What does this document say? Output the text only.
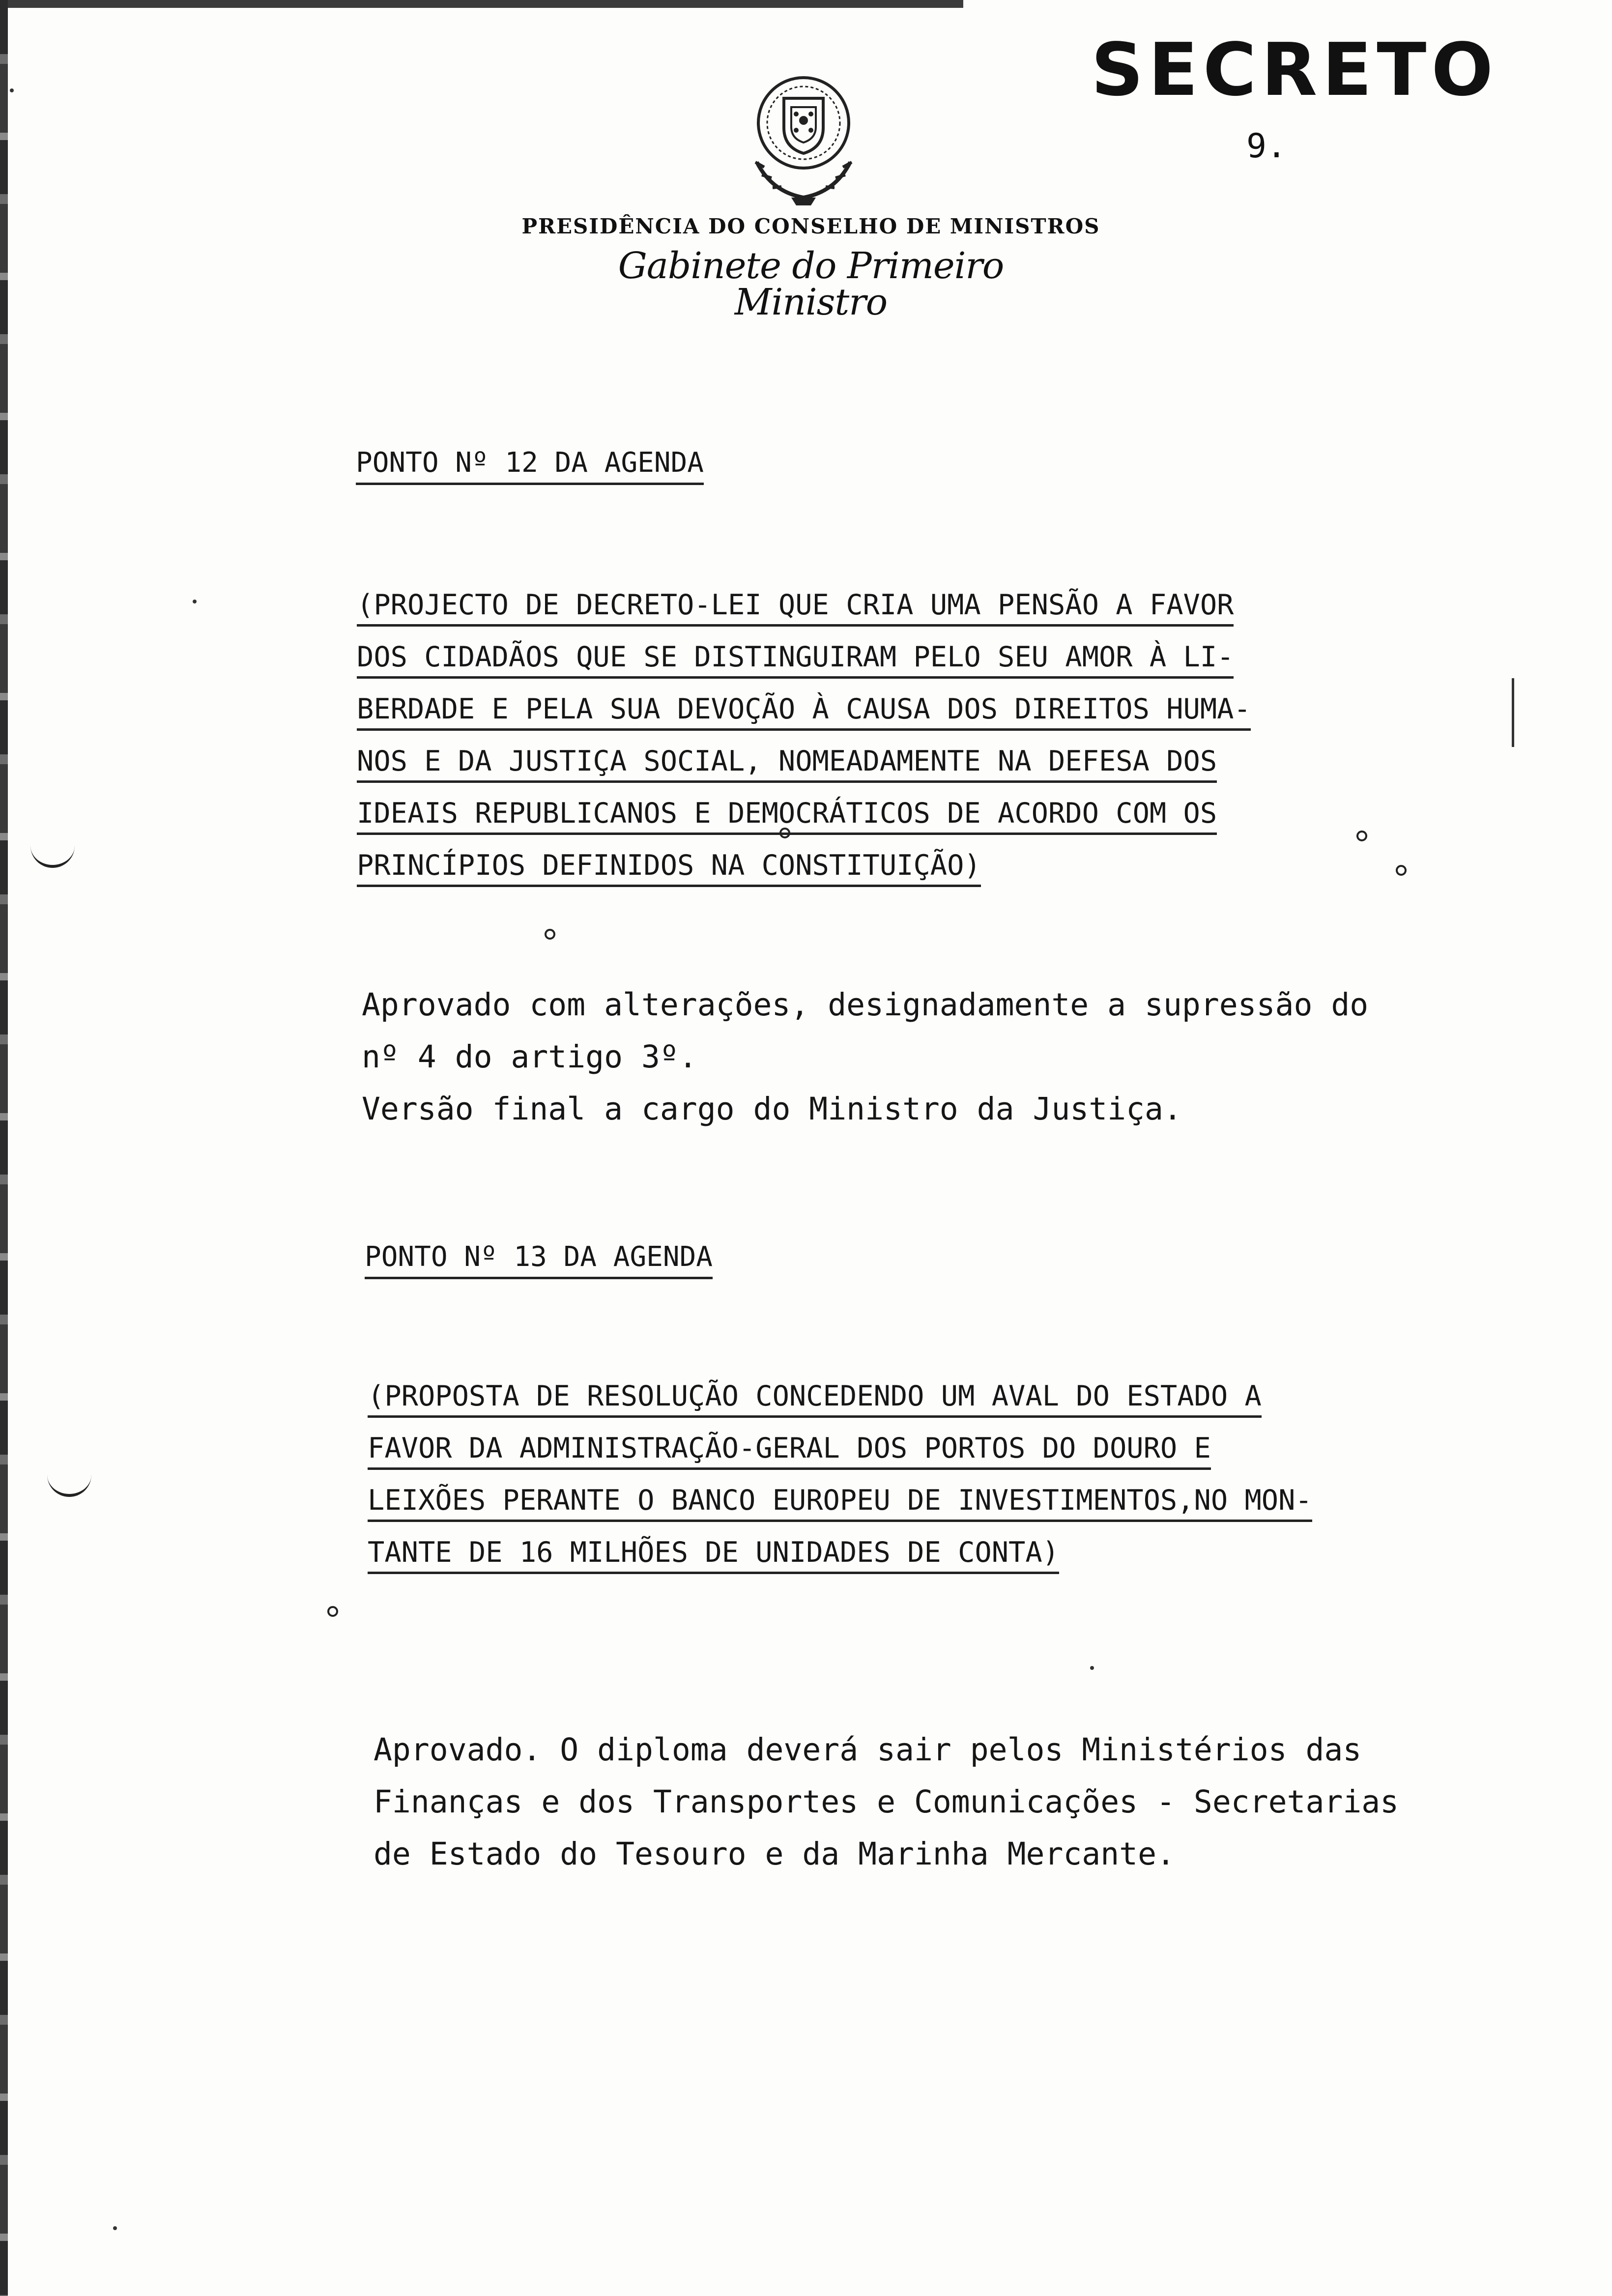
SECRETO
9.
PRESIDÊNCIA DO CONSELHO DE MINISTROS
Gabinete do Primeiro Ministro
PONTO Nº 12 DA AGENDA
(PROJECTO DE DECRETO-LEI QUE CRIA UMA PENSÃO A FAVOR
DOS CIDADÃOS QUE SE DISTINGUIRAM PELO SEU AMOR À LI-
BERDADE E PELA SUA DEVOÇÃO À CAUSA DOS DIREITOS HUMA-
NOS E DA JUSTIÇA SOCIAL, NOMEADAMENTE NA DEFESA DOS
IDEAIS REPUBLICANOS E DEMOCRÁTICOS DE ACORDO COM OS
PRINCÍPIOS DEFINIDOS NA CONSTITUIÇÃO)
Aprovado com alterações, designadamente a supressão do
nº 4 do artigo 3º.
Versão final a cargo do Ministro da Justiça.
PONTO Nº 13 DA AGENDA
(PROPOSTA DE RESOLUÇÃO CONCEDENDO UM AVAL DO ESTADO A
FAVOR DA ADMINISTRAÇÃO-GERAL DOS PORTOS DO DOURO E
LEIXÕES PERANTE O BANCO EUROPEU DE INVESTIMENTOS,NO MON-
TANTE DE 16 MILHÕES DE UNIDADES DE CONTA)
Aprovado. O diploma deverá sair pelos Ministérios das
Finanças e dos Transportes e Comunicações - Secretarias
de Estado do Tesouro e da Marinha Mercante.
